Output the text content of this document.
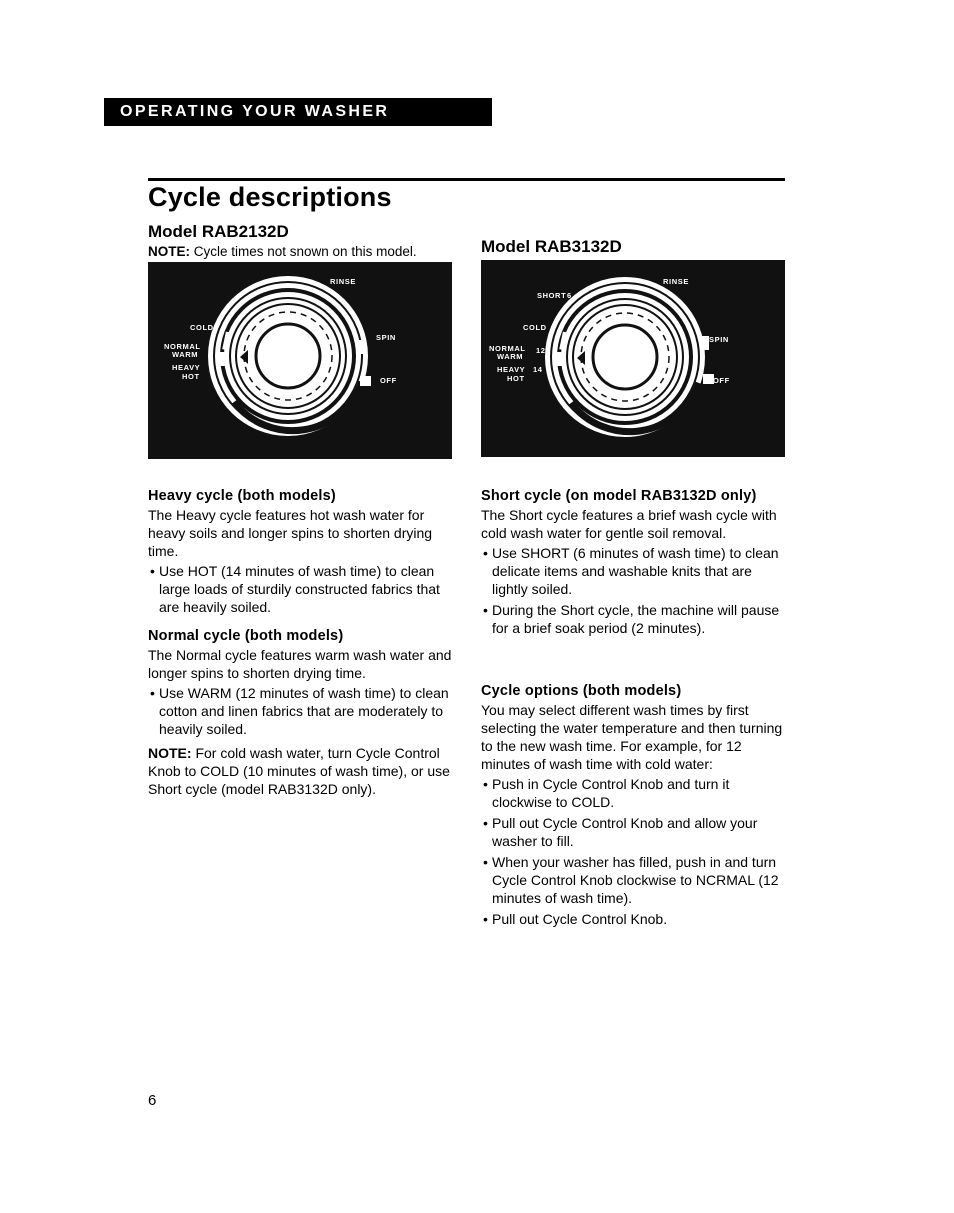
OPERATING YOUR WASHER
Cycle descriptions
Model RAB2132D

NOTE: Cycle times not snown on this model.	Model RAB3132D
RINSE
SPIN
OFF
COLD
NORMAL
WARM
HEAVY
HOT
SHORT 6
RINSE
SPIN
OFF
COLD
NORMAL 12
WARM
HEAVY 14
HOT
Heavy cycle (both models)

The Heavy cycle features hot wash water for heavy soils and longer spins to shorten drying time.

• Use HOT (14 minutes of wash time) to clean large loads of sturdily constructed fabrics that are heavily soiled.
Normal cycle (both models)

The Normal cycle features warm wash water and longer spins to shorten drying time.

• Use WARM (12 minutes of wash time) to clean cotton and linen fabrics that are moderately to heavily soiled.

NOTE: For cold wash water, turn Cycle Control Knob to COLD (10 minutes of wash time), or use Short cycle (model RAB3132D only).

Short cycle (on model RAB3132D only)

The Short cycle features a brief wash cycle with cold wash water for gentle soil removal.

• Use SHORT (6 minutes of wash time) to clean delicate items and washable knits that are lightly soiled.
• During the Short cycle, the machine will pause for a brief soak period (2 minutes).
Cycle options (both models)

You may select different wash times by first selecting the water temperature and then turning to the new wash time. For example, for 12 minutes of wash time with cold water:

• Push in Cycle Control Knob and turn it clockwise to COLD.
• Pull out Cycle Control Knob and allow your washer to fill.
• When your washer has filled, push in and turn Cycle Control Knob clockwise to NCRMAL (12 minutes of wash time).
• Pull out Cycle Control Knob.
6
